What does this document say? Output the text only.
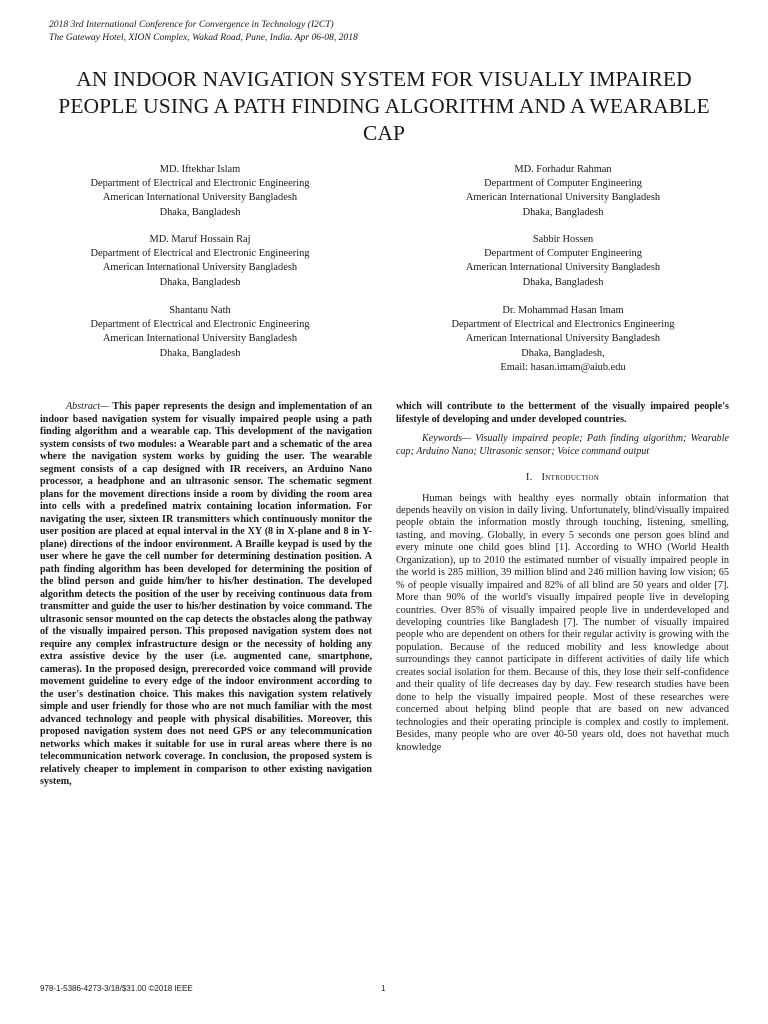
2018 3rd International Conference for Convergence in Technology (I2CT)
The Gateway Hotel, XION Complex, Wakad Road, Pune, India. Apr 06-08, 2018
AN INDOOR NAVIGATION SYSTEM FOR VISUALLY IMPAIRED PEOPLE USING A PATH FINDING ALGORITHM AND A WEARABLE CAP
MD. Iftekhar Islam
Department of Electrical and Electronic Engineering
American International University Bangladesh
Dhaka, Bangladesh
MD. Forhadur Rahman
Department of Computer Engineering
American International University Bangladesh
Dhaka, Bangladesh
MD. Maruf Hossain Raj
Department of Electrical and Electronic Engineering
American International University Bangladesh
Dhaka, Bangladesh
Sabbir Hossen
Department of Computer Engineering
American International University Bangladesh
Dhaka, Bangladesh
Shantanu Nath
Department of Electrical and Electronic Engineering
American International University Bangladesh
Dhaka, Bangladesh
Dr. Mohammad Hasan Imam
Department of Electrical and Electronics Engineering
American International University Bangladesh
Dhaka, Bangladesh,
Email: hasan.imam@aiub.edu

Abstract— This paper represents the design and implementation of an indoor based navigation system for visually impaired people using a path finding algorithm and a wearable cap. This development of the navigation system consists of two modules: a Wearable part and a schematic of the area where the navigation system works by guiding the user. The wearable segment consists of a cap designed with IR receivers, an Arduino Nano processor, a headphone and an ultrasonic sensor. The schematic segment plans for the movement directions inside a room by dividing the room area into cells with a predefined matrix containing location information. For navigating the user, sixteen IR transmitters which continuously monitor the user position are placed at equal interval in the XY (8 in X-plane and 8 in Y-plane) directions of the indoor environment. A Braille keypad is used by the user where he gave the cell number for determining destination position. A path finding algorithm has been developed for determining the position of the blind person and guide him/her to his/her destination. The developed algorithm detects the position of the user by receiving continuous data from transmitter and guide the user to his/her destination by voice command. The ultrasonic sensor mounted on the cap detects the obstacles along the pathway of the visually impaired person. This proposed navigation system does not require any complex infrastructure design or the necessity of holding any extra assistive device by the user (i.e. augmented cane, smartphone, cameras). In the proposed design, prerecorded voice command will provide movement guideline to every edge of the indoor environment according to the user's destination choice. This makes this navigation system relatively simple and user friendly for those who are not much familiar with the most advanced technology and people with physical disabilities. Moreover, this proposed navigation system does not need GPS or any telecommunication networks which makes it suitable for use in rural areas where there is no telecommunication network coverage. In conclusion, the proposed system is relatively cheaper to implement in comparison to other existing navigation system,

which will contribute to the betterment of the visually impaired people's lifestyle of developing and under developed countries.

Keywords— Visually impaired people; Path finding algorithm; Wearable cap; Arduino Nano; Ultrasonic sensor; Voice command output

I. Introduction

Human beings with healthy eyes normally obtain information that depends heavily on vision in daily living. Unfortunately, blind/visually impaired people obtain the information mostly through touching, listening, smelling, tasting, and moving. Globally, in every 5 seconds one person goes blind and every minute one child goes blind [1]. According to WHO (World Health Organization), up to 2010 the estimated number of visually impaired people in the world is 285 million, 39 million blind and 246 million having low vision; 65 % of people visually impaired and 82% of all blind are 50 years and older [7]. More than 90% of the world's visually impaired people live in developing countries. Over 85% of visually impaired people live in underdeveloped and developing countries like Bangladesh [7]. The number of visually impaired people who are dependent on others for their regular activity is growing with the population. Because of the reduced mobility and less knowledge about surroundings they cannot participate in different activities of daily life which creates social isolation for them. Because of this, they lose their self-confidence and their quality of life decreases day by day. Few research studies have been done to help the visually impaired people. Most of these researches were concerned about helping blind people that are based on new advanced technologies and their operating principle is complex and costly to implement. Besides, many people who are over 40-50 years old, does not havethat much knowledge

978-1-5386-4273-3/18/$31.00 ©2018 IEEE	1
